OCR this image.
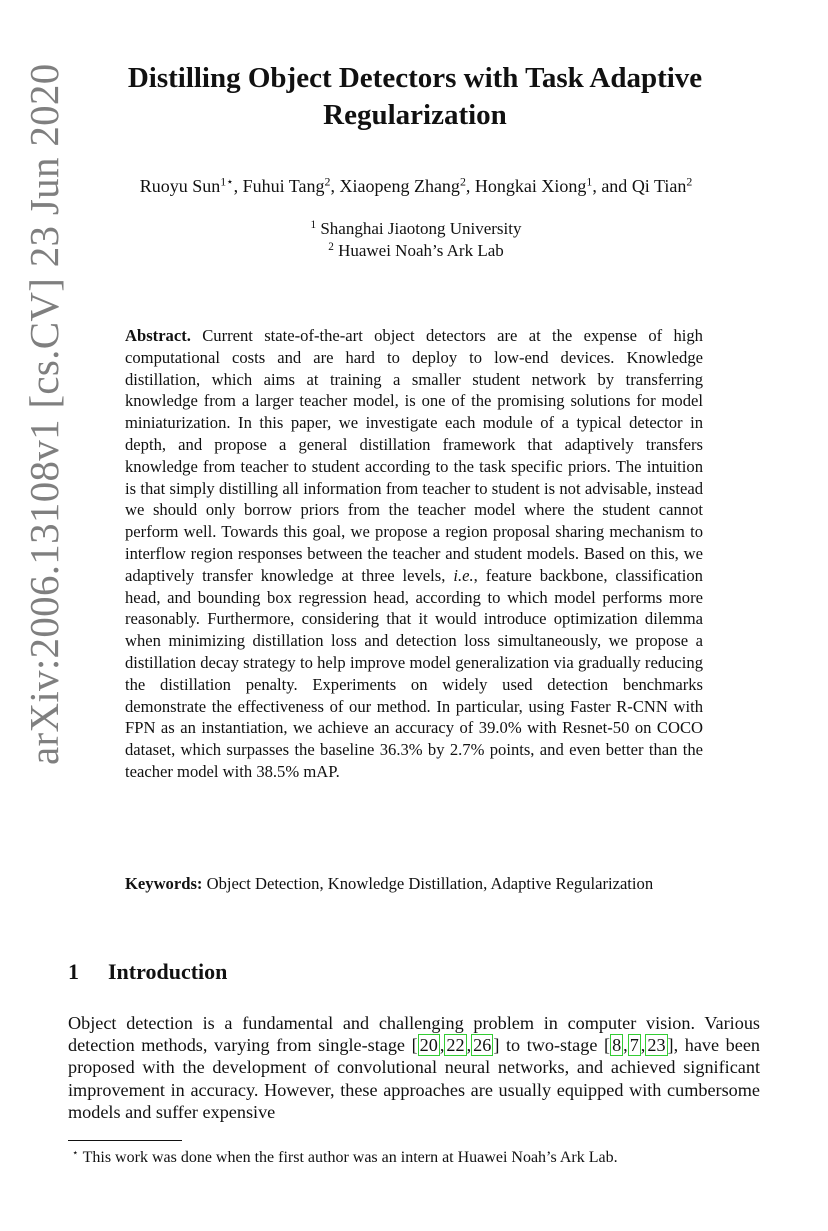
arXiv:2006.13108v1 [cs.CV] 23 Jun 2020	Distilling Object Detectors with Task Adaptive
Regularization

Ruoyu Sun$^{1⋆}$, Fuhui Tang$^2$, Xiaopeng Zhang$^2$, Hongkai Xiong$^1$, and Qi Tian$^2$

$^1$ Shanghai Jiaotong University
$^2$ Huawei Noah’s Ark Lab

Abstract. Current state-of-the-art object detectors are at the expense of high computational costs and are hard to deploy to low-end devices. Knowledge distillation, which aims at training a smaller student network by transferring knowledge from a larger teacher model, is one of the promising solutions for model miniaturization. In this paper, we investigate each module of a typical detector in depth, and propose a general distillation framework that adaptively transfers knowledge from teacher to student according to the task specific priors. The intuition is that simply distilling all information from teacher to student is not advisable, instead we should only borrow priors from the teacher model where the student cannot perform well. Towards this goal, we propose a region proposal sharing mechanism to interflow region responses between the teacher and student models. Based on this, we adaptively transfer knowledge at three levels, i.e., feature backbone, classification head, and bounding box regression head, according to which model performs more reasonably. Furthermore, considering that it would introduce optimization dilemma when minimizing distillation loss and detection loss simultaneously, we propose a distillation decay strategy to help improve model generalization via gradually reducing the distillation penalty. Experiments on widely used detection benchmarks demonstrate the effectiveness of our method. In particular, using Faster R-CNN with FPN as an instantiation, we achieve an accuracy of 39.0% with Resnet-50 on COCO dataset, which surpasses the baseline 36.3% by 2.7% points, and even better than the teacher model with 38.5% mAP.

Keywords: Object Detection, Knowledge Distillation, Adaptive Regularization

1 Introduction

Object detection is a fundamental and challenging problem in computer vision. Various detection methods, varying from single-stage [ 20 , 22 , 26 ] to two-stage [ 8 , 7 , 23 ], have been proposed with the development of convolutional neural networks, and achieved significant improvement in accuracy. However, these approaches are usually equipped with cumbersome models and suffer expensive

⋆ This work was done when the first author was an intern at Huawei Noah’s Ark Lab.
